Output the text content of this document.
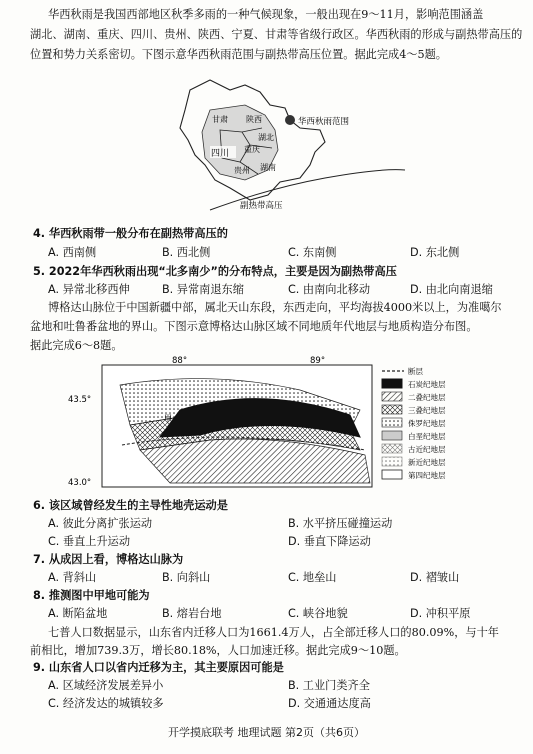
华西秋雨是我国西部地区秋季多雨的一种气候现象，一般出现在9～11月，影响范围涵盖
湖北、湖南、重庆、四川、贵州、陕西、宁夏、甘肃等省级行政区。华西秋雨的形成与副热带高压的
位置和势力关系密切。下图示意华西秋雨范围与副热带高压位置。据此完成4～5题。
四川 重庆
贵州
湖北
湖南
陕西
甘肃	华西秋雨范围
副热带高压
4. 华西秋雨带一般分布在副热带高压的
A. 西南侧	B. 西北侧	C. 东南侧	D. 东北侧
5. 2022年华西秋雨出现“北多南少”的分布特点，主要是因为副热带高压
A. 异常北移西伸	B. 异常南退东缩	C. 由南向北移动	D. 由北向南退缩
博格达山脉位于中国新疆中部，属北天山东段，东西走向，平均海拔4000米以上，为准噶尔
盆地和吐鲁番盆地的界山。下图示意博格达山脉区域不同地质年代地层与地质构造分布图。
据此完成6～8题。
88°	89°
43.5°
43.0°
甲
断层
石炭纪地层
二叠纪地层
三叠纪地层
侏罗纪地层
白垩纪地层
古近纪地层
新近纪地层
第四纪地层
6. 该区域曾经发生的主导性地壳运动是
A. 彼此分离扩张运动	B. 水平挤压碰撞运动
C. 垂直上升运动	D. 垂直下降运动
7. 从成因上看，博格达山脉为
A. 背斜山	B. 向斜山	C. 地垒山	D. 褶皱山
8. 推测图中甲地可能为
A. 断陷盆地	B. 熔岩台地	C. 峡谷地貌	D. 冲积平原
七普人口数据显示，山东省内迁移人口为1661.4万人，占全部迁移人口的80.09%，与十年
前相比，增加739.3万，增长80.18%，人口加速迁移。据此完成9～10题。
9. 山东省人口以省内迁移为主，其主要原因可能是
A. 区域经济发展差异小	B. 工业门类齐全
C. 经济发达的城镇较多	D. 交通通达度高
开学摸底联考 地理试题 第2页（共6页）
